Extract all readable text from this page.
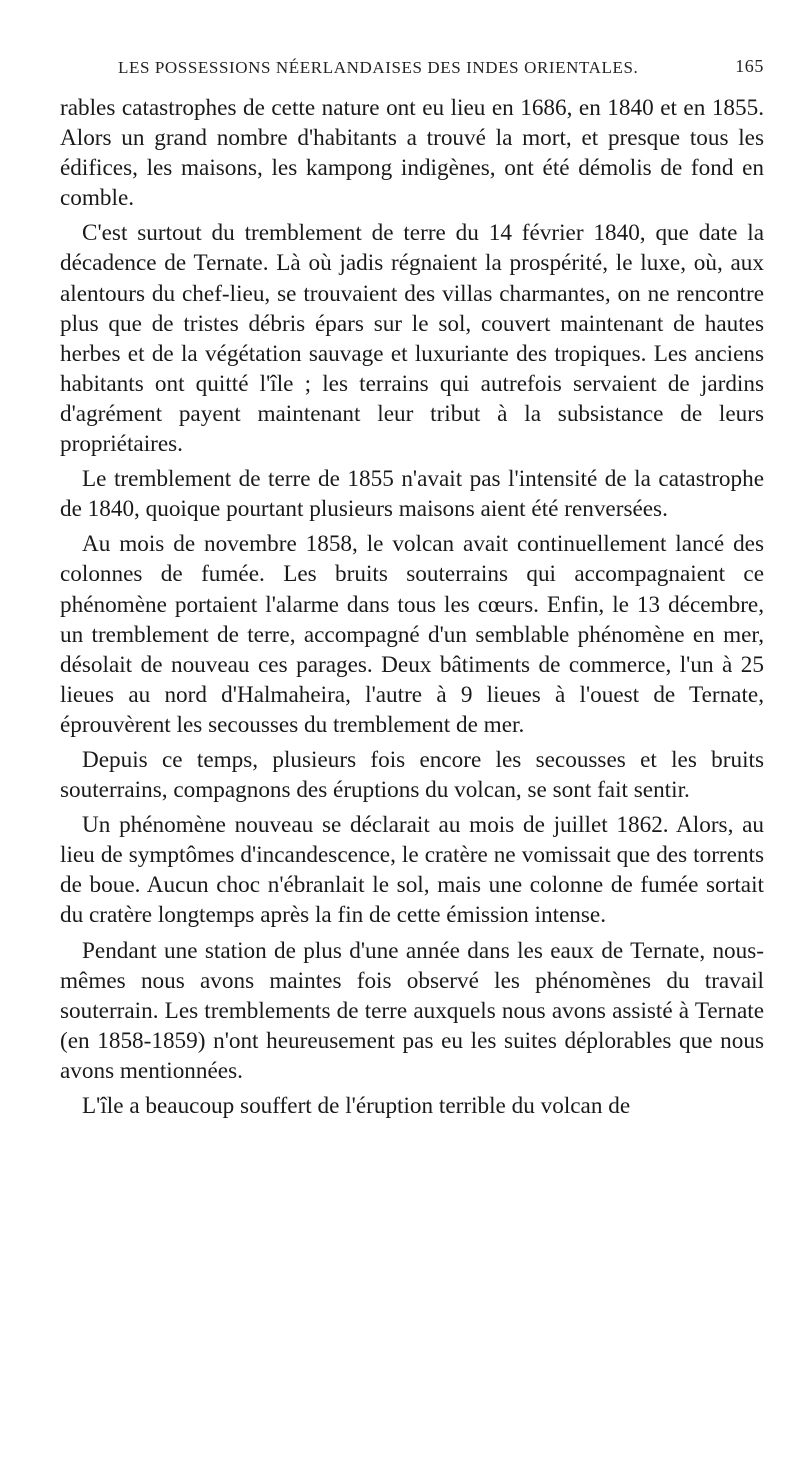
LES POSSESSIONS NÉERLANDAISES DES INDES ORIENTALES.	165

rables catastrophes de cette nature ont eu lieu en 1686, en 1840 et en 1855. Alors un grand nombre d'habitants a trouvé la mort, et presque tous les édifices, les maisons, les kampong indigènes, ont été démolis de fond en comble.

C'est surtout du tremblement de terre du 14 février 1840, que date la décadence de Ternate. Là où jadis régnaient la prospérité, le luxe, où, aux alentours du chef-lieu, se trouvaient des villas charmantes, on ne rencontre plus que de tristes débris épars sur le sol, couvert maintenant de hautes herbes et de la végétation sauvage et luxuriante des tropiques. Les anciens habitants ont quitté l'île ; les terrains qui autrefois servaient de jardins d'agrément payent maintenant leur tribut à la subsistance de leurs propriétaires.

Le tremblement de terre de 1855 n'avait pas l'intensité de la catastrophe de 1840, quoique pourtant plusieurs maisons aient été renversées.

Au mois de novembre 1858, le volcan avait continuellement lancé des colonnes de fumée. Les bruits souterrains qui accompagnaient ce phénomène portaient l'alarme dans tous les cœurs. Enfin, le 13 décembre, un tremblement de terre, accompagné d'un semblable phénomène en mer, désolait de nouveau ces parages. Deux bâtiments de commerce, l'un à 25 lieues au nord d'Halmaheira, l'autre à 9 lieues à l'ouest de Ternate, éprouvèrent les secousses du tremblement de mer.

Depuis ce temps, plusieurs fois encore les secousses et les bruits souterrains, compagnons des éruptions du volcan, se sont fait sentir.

Un phénomène nouveau se déclarait au mois de juillet 1862. Alors, au lieu de symptômes d'incandescence, le cratère ne vomissait que des torrents de boue. Aucun choc n'ébranlait le sol, mais une colonne de fumée sortait du cratère longtemps après la fin de cette émission intense.

Pendant une station de plus d'une année dans les eaux de Ternate, nous-mêmes nous avons maintes fois observé les phénomènes du travail souterrain. Les tremblements de terre auxquels nous avons assisté à Ternate (en 1858-1859) n'ont heureusement pas eu les suites déplorables que nous avons mentionnées.

L'île a beaucoup souffert de l'éruption terrible du volcan de
